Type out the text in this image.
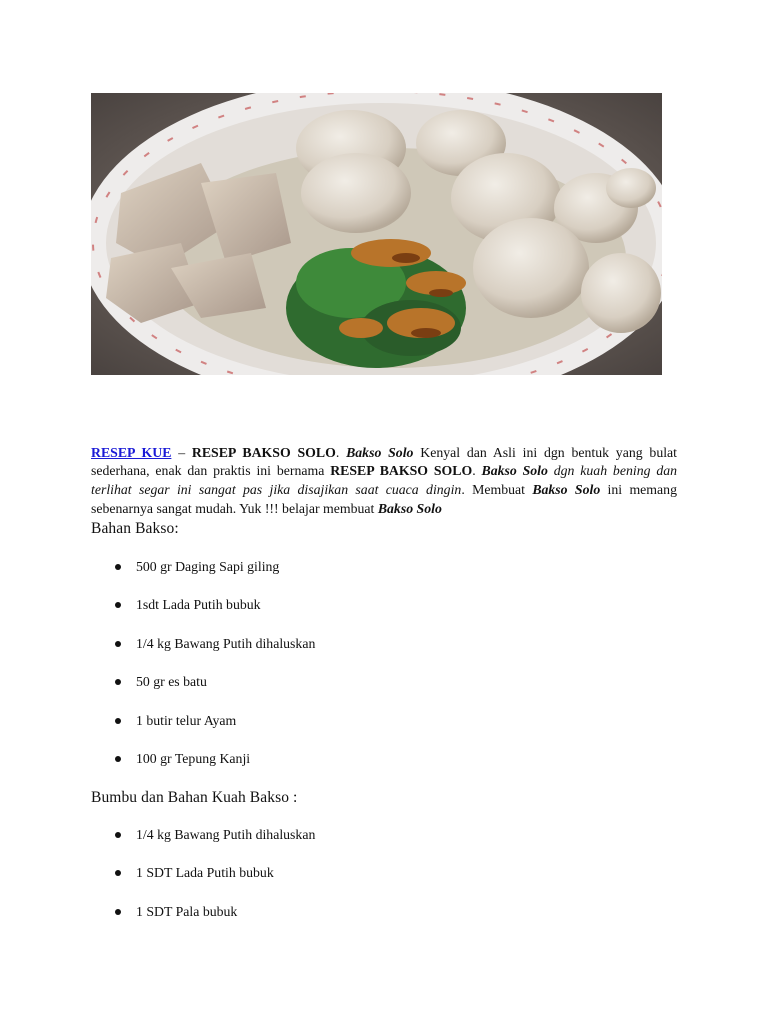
RESEP KUE – RESEP BAKSO SOLO. Bakso Solo Kenyal dan Asli ini dgn bentuk yang bulat sederhana, enak dan praktis ini bernama RESEP BAKSO SOLO. Bakso Solo dgn kuah bening dan terlihat segar ini sangat pas jika disajikan saat cuaca dingin. Membuat Bakso Solo ini memang sebenarnya sangat mudah. Yuk !!! belajar membuat Bakso Solo

Bahan Bakso:
500 gr Daging Sapi giling
1sdt Lada Putih bubuk
1/4 kg Bawang Putih dihaluskan
50 gr es batu
1 butir telur Ayam
100 gr Tepung Kanji
Bumbu dan Bahan Kuah Bakso :
1/4 kg Bawang Putih dihaluskan
1 SDT Lada Putih bubuk
1 SDT Pala bubuk
